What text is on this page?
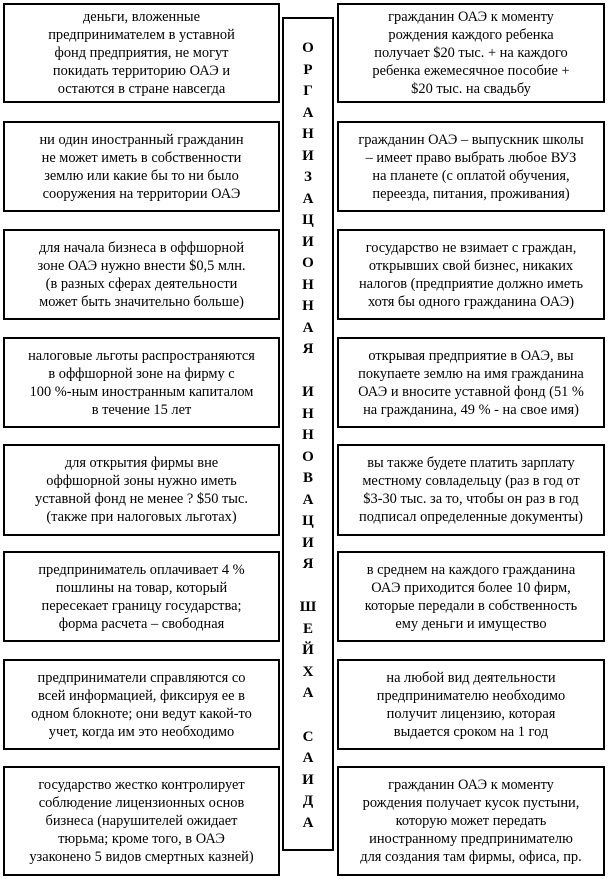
деньги, вложенные
предпринимателем в уставной
фонд предприятия, не могут
покидать территорию ОАЭ и
остаются в стране навсегда
ни один иностранный гражданин
не может иметь в собственности
землю или какие бы то ни было
сооружения на территории ОАЭ
для начала бизнеса в оффшорной
зоне ОАЭ нужно внести $0,5 млн.
(в разных сферах деятельности
может быть значительно больше)
налоговые льготы распространяются
в оффшорной зоне на фирму с
100 %-ным иностранным капиталом
в течение 15 лет
для открытия фирмы вне
оффшорной зоны нужно иметь
уставной фонд не менее ? $50 тыс.
(также при налоговых льготах)
предприниматель оплачивает 4 %
пошлины на товар, который
пересекает границу государства;
форма расчета – свободная
предприниматели справляются со
всей информацией, фиксируя ее в
одном блокноте; они ведут какой-то
учет, когда им это необходимо
государство жестко контролирует
соблюдение лицензионных основ
бизнеса (нарушителей ожидает
тюрьма; кроме того, в ОАЭ
узаконено 5 видов смертных казней)
О
Р
Г
А
Н
И
З
А
Ц
И
О
Н
Н
А
Я

И
Н
Н
О
В
А
Ц
И
Я

Ш
Е
Й
Х
А

С
А
И
Д
А
гражданин ОАЭ к моменту
рождения каждого ребенка
получает $20 тыс. + на каждого
ребенка ежемесячное пособие +
$20 тыс. на свадьбу
гражданин ОАЭ – выпускник школы
– имеет право выбрать любое ВУЗ
на планете (с оплатой обучения,
переезда, питания, проживания)
государство не взимает с граждан,
открывших свой бизнес, никаких
налогов (предприятие должно иметь
хотя бы одного гражданина ОАЭ)
открывая предприятие в ОАЭ, вы
покупаете землю на имя гражданина
ОАЭ и вносите уставной фонд (51 %
на гражданина, 49 % - на свое имя)
вы также будете платить зарплату
местному совладельцу (раз в год от
$3-30 тыс. за то, чтобы он раз в год
подписал определенные документы)
в среднем на каждого гражданина
ОАЭ приходится более 10 фирм,
которые передали в собственность
ему деньги и имущество
на любой вид деятельности
предпринимателю необходимо
получит лицензию, которая
выдается сроком на 1 год
гражданин ОАЭ к моменту
рождения получает кусок пустыни,
которую может передать
иностранному предпринимателю
для создания там фирмы, офиса, пр.
